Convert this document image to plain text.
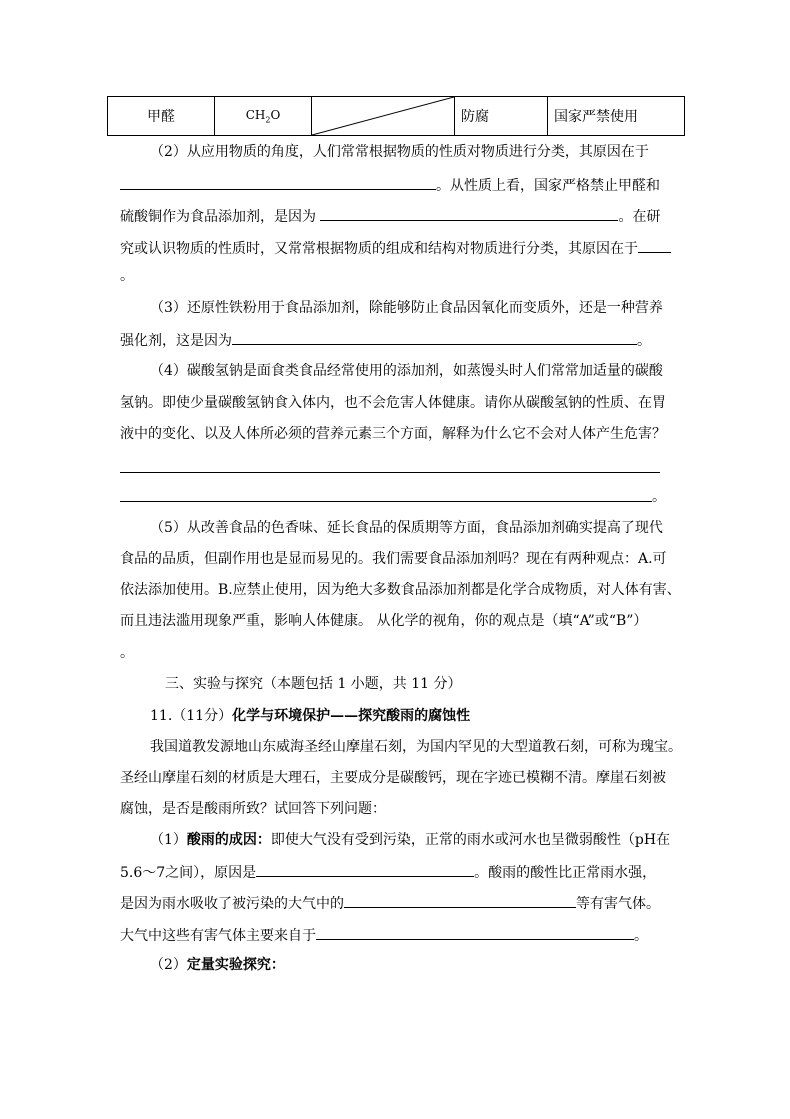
甲醛	$CH_2O$		防腐	国家严禁使用
（2）从应用物质的角度，人们常常根据物质的性质对物质进行分类，其原因在于
。从性质上看，国家严格禁止甲醛和
硫酸铜作为食品添加剂，是因为	。在研
究或认识物质的性质时，又常常根据物质的组成和结构对物质进行分类，其原因在于
。
（3）还原性铁粉用于食品添加剂，除能够防止食品因氧化而变质外，还是一种营养
强化剂，这是因为	。
（4）碳酸氢钠是面食类食品经常使用的添加剂，如蒸馒头时人们常常加适量的碳酸
氢钠。即使少量碳酸氢钠食入体内，也不会危害人体健康。请你从碳酸氢钠的性质、在胃
液中的变化、以及人体所必须的营养元素三个方面，解释为什么它不会对人体产生危害？
。
（5）从改善食品的色香味、延长食品的保质期等方面，食品添加剂确实提高了现代
食品的品质，但副作用也是显而易见的。我们需要食品添加剂吗？现在有两种观点：A.可
依法添加使用。B.应禁止使用，因为绝大多数食品添加剂都是化学合成物质，对人体有害、
而且违法滥用现象严重，影响人体健康。 从化学的视角，你的观点是（填“A”或“B”）
。
三、实验与探究（本题包括 1 小题，共 11 分）
11.（11分）化学与环境保护——探究酸雨的腐蚀性
我国道教发源地山东威海圣经山摩崖石刻，为国内罕见的大型道教石刻，可称为瑰宝。
圣经山摩崖石刻的材质是大理石，主要成分是碳酸钙，现在字迹已模糊不清。摩崖石刻被
腐蚀，是否是酸雨所致？试回答下列问题：
（1）酸雨的成因：即使大气没有受到污染，正常的雨水或河水也呈微弱酸性（pH在
5.6～7之间），原因是	。酸雨的酸性比正常雨水强，
是因为雨水吸收了被污染的大气中的	等有害气体。
大气中这些有害气体主要来自于	。
（2）定量实验探究：
